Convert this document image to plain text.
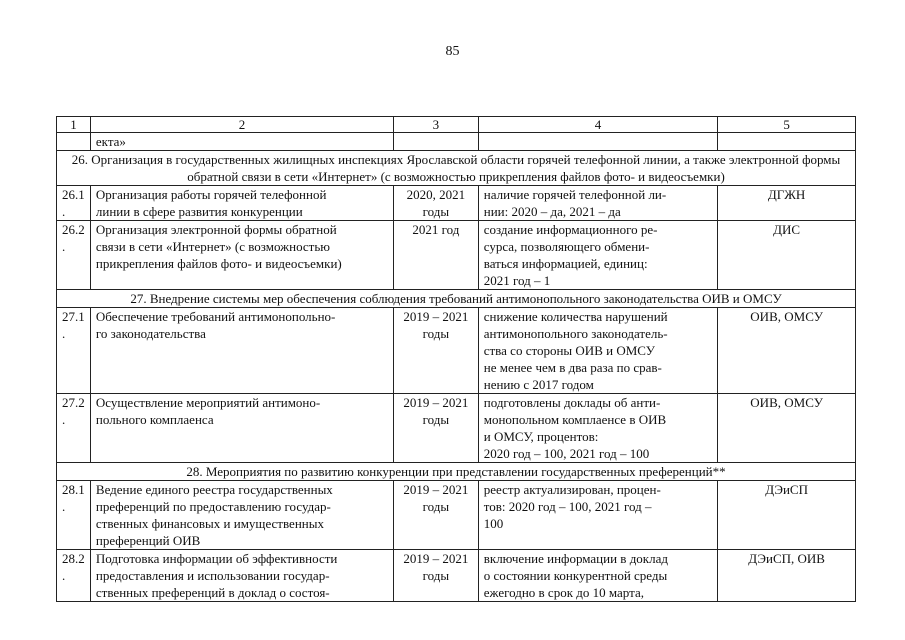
85
1	2	3	4	5
	екта»			
26. Организация в государственных жилищных инспекциях Ярославской области горячей телефонной линии, а также электронной формы обратной связи в сети «Интернет» (с возможностью прикрепления файлов фото- и видеосъемки)				
26.1.	Организация работы горячей телефонной
линии в сфере развития конкуренции	2020, 2021
годы	наличие горячей телефонной ли-
нии: 2020 – да, 2021 – да	ДГЖН
26.2.	Организация электронной формы обратной
связи в сети «Интернет» (с возможностью
прикрепления файлов фото- и видеосъемки)	2021 год	создание информационного ре-
сурса, позволяющего обмени-
ваться информацией, единиц:
2021 год – 1	ДИС
27. Внедрение системы мер обеспечения соблюдения требований антимонопольного законодательства ОИВ и ОМСУ				
27.1.	Обеспечение требований антимонопольно-
го законодательства	2019 – 2021
годы	снижение количества нарушений
антимонопольного законодатель-
ства со стороны ОИВ и ОМСУ
не менее чем в два раза по срав-
нению с 2017 годом	ОИВ, ОМСУ
27.2.	Осуществление мероприятий антимоно-
польного комплаенса	2019 – 2021
годы	подготовлены доклады об анти-
монопольном комплаенсе в ОИВ
и ОМСУ, процентов:
2020 год – 100, 2021 год – 100	ОИВ, ОМСУ
28. Мероприятия по развитию конкуренции при представлении государственных преференций**				
28.1.	Ведение единого реестра государственных
преференций по предоставлению государ-
ственных финансовых и имущественных
преференций ОИВ	2019 – 2021
годы	реестр актуализирован, процен-
тов: 2020 год – 100, 2021 год –
100	ДЭиСП
28.2.	Подготовка информации об эффективности
предоставления и использовании государ-
ственных преференций в доклад о состоя-	2019 – 2021
годы	включение информации в доклад
о состоянии конкурентной среды
ежегодно в срок до 10 марта,	ДЭиСП, ОИВ
